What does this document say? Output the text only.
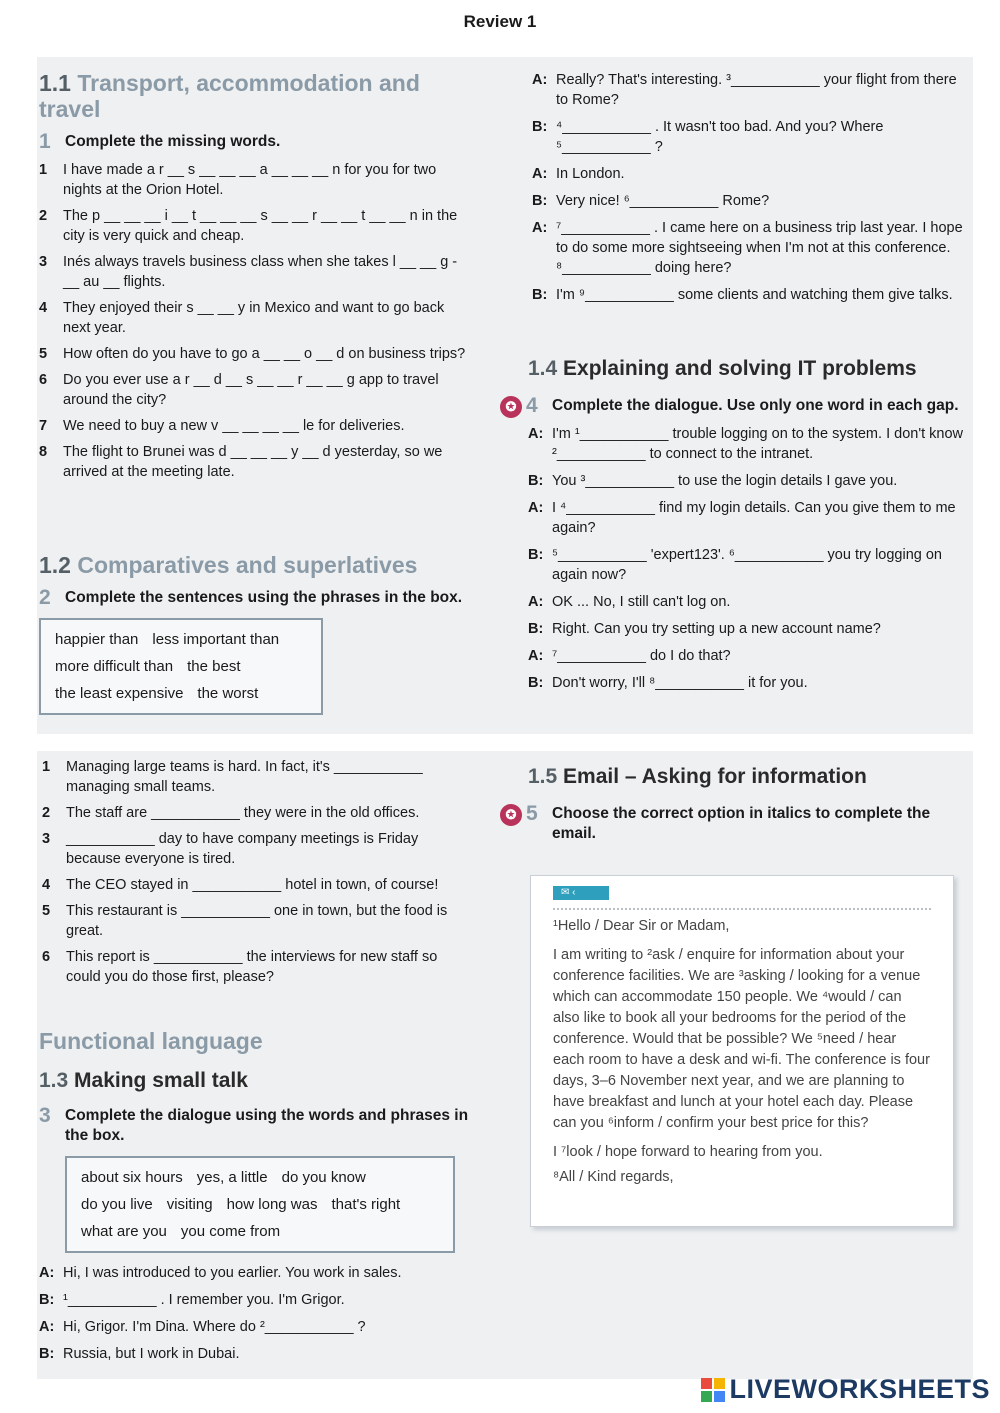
Review 1
1.1 Transport, accommodation and travel
1 Complete the missing words.
1	I have made a r __ s __ __ __ a __ __ __ n for you for two nights at the Orion Hotel.
2	The p __ __ __ i __ t __ __ __ s __ __ r __ __ t __ __ n in the city is very quick and cheap.
3	Inés always travels business class when she takes l __ __ g - __ au __ flights.
4	They enjoyed their s __ __ y in Mexico and want to go back next year.
5	How often do you have to go a __ __ o __ d on business trips?
6	Do you ever use a r __ d __ s __ __ r __ __ g app to travel around the city?
7	We need to buy a new v __ __ __ __ le for deliveries.
8	The flight to Brunei was d __ __ __ y __ d yesterday, so we arrived at the meeting late.
1.2 Comparatives and superlatives
2 Complete the sentences using the phrases in the box.
happier than less important than
more difficult than the best
the least expensive the worst
A: Really? That's interesting. ³___________ your flight from there to Rome?
B: ⁴___________ . It wasn't too bad. And you? Where ⁵___________ ?
A: In London.
B: Very nice! ⁶___________ Rome?
A: ⁷___________ . I came here on a business trip last year. I hope to do some more sightseeing when I'm not at this conference. ⁸___________ doing here?
B: I'm ⁹___________ some clients and watching them give talks.
1.4 Explaining and solving IT problems
✪ 4 Complete the dialogue. Use only one word in each gap.
A: I'm ¹___________ trouble logging on to the system. I don't know ²___________ to connect to the intranet.
B: You ³___________ to use the login details I gave you.
A: I ⁴___________ find my login details. Can you give them to me again?
B: ⁵___________ 'expert123'. ⁶___________ you try logging on again now?
A: OK ... No, I still can't log on.
B: Right. Can you try setting up a new account name?
A: ⁷___________ do I do that?
B: Don't worry, I'll ⁸___________ it for you.
1	Managing large teams is hard. In fact, it's ___________ managing small teams.
2	The staff are ___________ they were in the old offices.
3	___________ day to have company meetings is Friday because everyone is tired.
4	The CEO stayed in ___________ hotel in town, of course!
5	This restaurant is ___________ one in town, but the food is great.
6	This report is ___________ the interviews for new staff so could you do those first, please?
Functional language
1.3 Making small talk
3 Complete the dialogue using the words and phrases in the box.
about six hours yes, a little do you know
do you live visiting how long was that's right
what are you you come from
A: Hi, I was introduced to you earlier. You work in sales.
B: ¹___________ . I remember you. I'm Grigor.
A: Hi, Grigor. I'm Dina. Where do ²___________ ?
B: Russia, but I work in Dubai.
1.5 Email – Asking for information
✪ 5 Choose the correct option in italics to complete the email.
✉ ‹

¹Hello / Dear Sir or Madam,

I am writing to ²ask / enquire for information about your conference facilities. We are ³asking / looking for a venue which can accommodate 150 people. We ⁴would / can also like to book all your bedrooms for the period of the conference. Would that be possible? We ⁵need / hear each room to have a desk and wi-fi. The conference is four days, 3–6 November next year, and we are planning to have breakfast and lunch at your hotel each day. Please can you ⁶inform / confirm your best price for this?

I ⁷look / hope forward to hearing from you.

⁸All / Kind regards,

LIVEWORKSHEETS
